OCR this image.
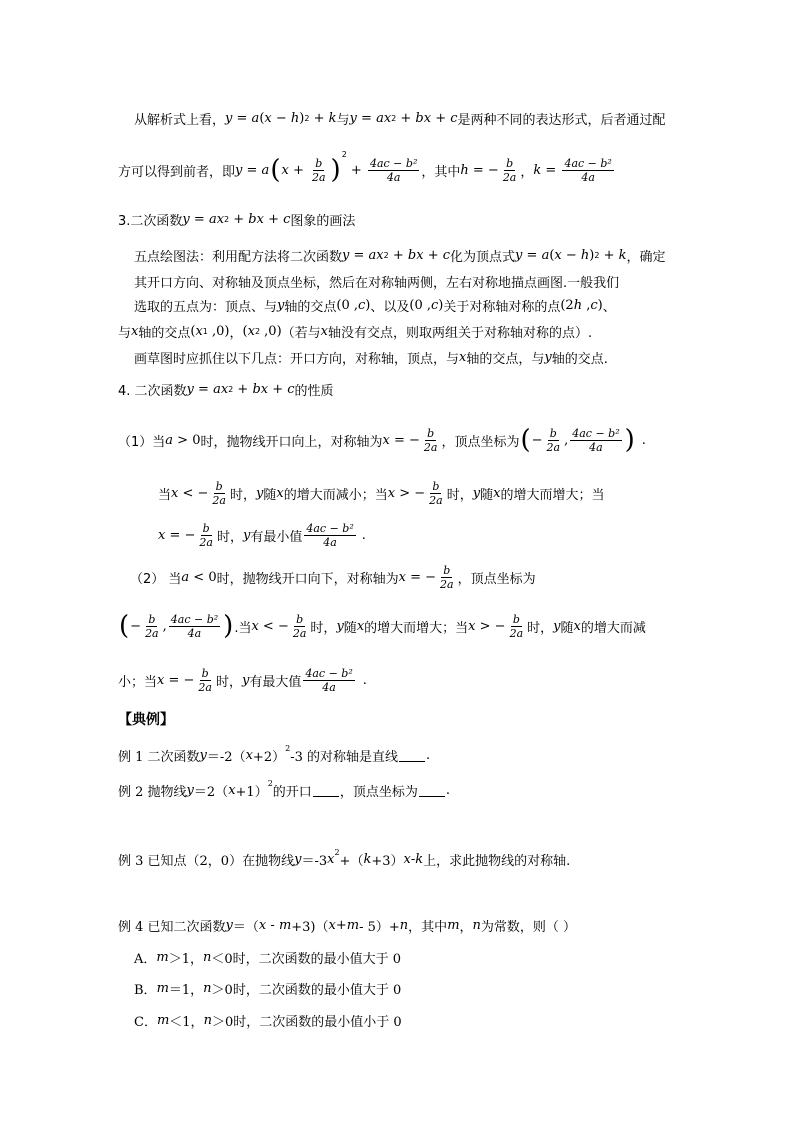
从解析式上看， y = a ( x − h ) 2 + k 与 y = ax 2 + bx + c 是两种不同的表达形式，后者通过配
方可以得到前者，即 y = a ( $x + \frac{b}{2a}$ )
$^2$
+ $\frac{\text{4ac − b²}}{4a}$ ，其中 h = − $\frac{b}{2a}$ ， $k = \frac{\text{4ac − b²}}{4a}$
3.二次函数 y = ax 2 + bx + c 图象的画法
五点绘图法：利用配方法将二次函数 y = ax 2 + bx + c 化为顶点式 y = a ( x − h ) 2 + k ，确定
其开口方向、对称轴及顶点坐标，然后在对称轴两侧，左右对称地描点画图.一般我们
选取的五点为：顶点、与 y 轴的交点 (0 , c ) 、以及 (0 , c ) 关于对称轴对称的点 (2 h , c ) 、
与 x 轴的交点 ( x 1 ,0) ， ( x 2 ,0) （若与 x 轴没有交点，则取两组关于对称轴对称的点）.
画草图时应抓住以下几点：开口方向，对称轴，顶点，与 x 轴的交点，与 y 轴的交点.
4. 二次函数 y = ax 2 + bx + c 的性质
（1）当 a > 0 时，抛物线开口向上，对称轴为 x = − $\frac{b}{2a}$ ，顶点坐标为 ( − $\frac{b}{2a}$ , $\frac{\text{4ac − b²}}{4a}$ ) .
当 x < − $\frac{b}{2a}$ 时， y 随 x 的增大而减小；当 x > − $\frac{b}{2a}$ 时， y 随 x 的增大而增大；当
x = − $\frac{b}{2a}$ 时， y 有最小值 $\frac{\text{4ac − b²}}{4a}$ .
（2） 当 a < 0 时，抛物线开口向下，对称轴为 x = − $\frac{b}{2a}$ ，顶点坐标为
( − $\frac{b}{2a}$ , $\frac{\text{4ac − b²}}{4a}$ ) .当 x < − $\frac{b}{2a}$ 时， y 随 x 的增大而增大；当 x > − $\frac{b}{2a}$ 时， y 随 x 的增大而减
小；当 x = − $\frac{b}{2a}$ 时， y 有最大值 $\frac{\text{4ac − b²}}{4a}$ .
【典例】
例 1 二次函数 y ＝-2（ x +2）
$^2$
-3 的对称轴是直线 .
例 2 抛物线 y ＝2（ x +1）
$^2$
的开口 ，顶点坐标为 .
例 3 已知点（2，0）在抛物线 y ＝-3 $x^2$
+（ k +3） x - k 上，求此抛物线的对称轴.
例 4 已知二次函数 y ＝（ x - m +3)（ x + m - 5）+ n ，其中 m ， n 为常数，则（ ）
A． m ＞1， n ＜0 时，二次函数的最小值大于 0
B． m ＝1， n ＞0 时，二次函数的最小值大于 0
C． m ＜1， n ＞0 时，二次函数的最小值小于 0
